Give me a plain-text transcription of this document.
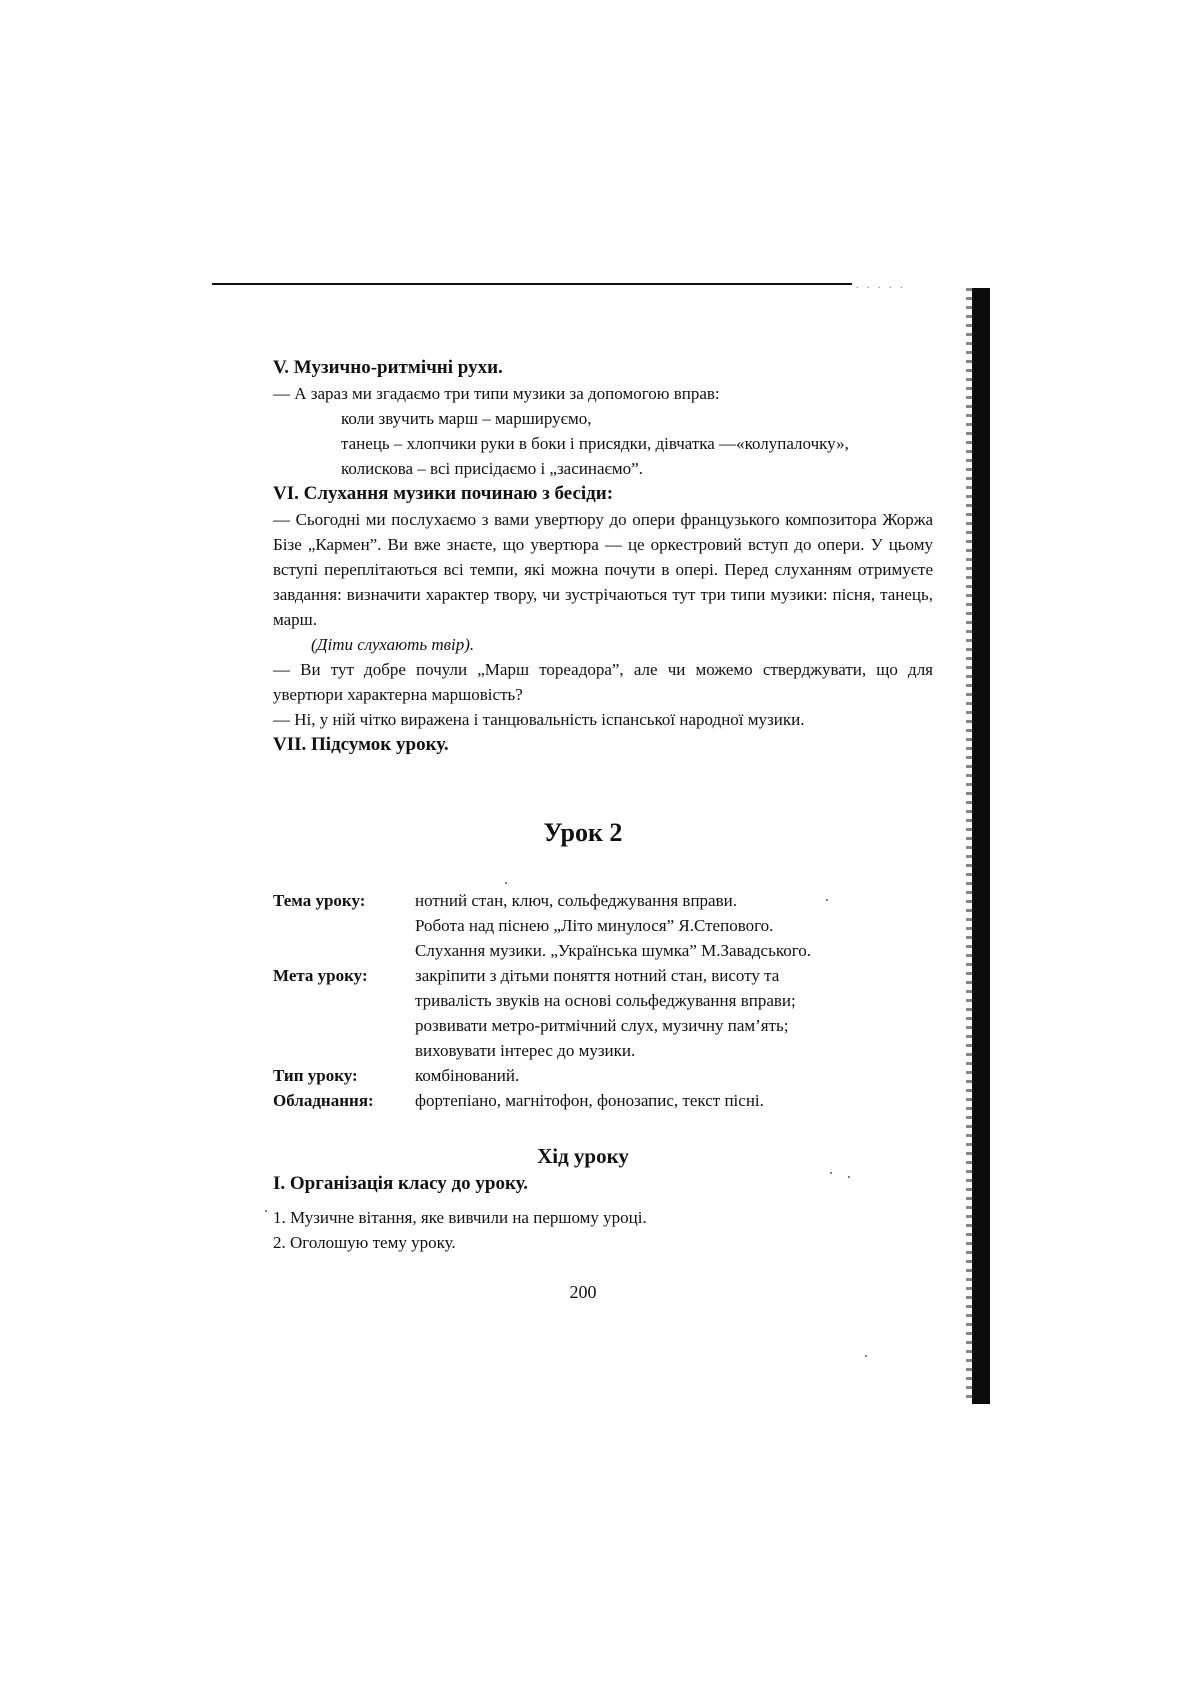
. . . . .
V. Музично-ритмічні рухи.

— А зараз ми згадаємо три типи музики за допомогою вправ:

коли звучить марш – маршируємо,

танець – хлопчики руки в боки і присядки, дівчатка —«колупалочку»,

колискова – всі присідаємо і „засинаємо”.

VI. Слухання музики починаю з бесіди:

— Сьогодні ми послухаємо з вами увертюру до опери французького композитора Жоржа Бізе „Кармен”. Ви вже знаєте, що увертюра — це оркестровий вступ до опери. У цьому вступі переплітаються всі темпи, які можна почути в опері. Перед слуханням отримуєте завдання: визначити характер твору, чи зустрічаються тут три типи музики: пісня, танець, марш.

(Діти слухають твір).

— Ви тут добре почули „Марш тореадора”, але чи можемо стверджувати, що для увертюри характерна маршовість?

— Ні, у ній чітко виражена і танцювальність іспанської народної музики.

VII. Підсумок уроку.
Урок 2
Тема уроку:	нотний стан, ключ, сольфеджування вправи.
Робота над піснею „Літо минулося” Я.Степового.
Слухання музики. „Українська шумка” М.Завадського.

Мета уроку:	закріпити з дітьми поняття нотний стан, висоту та
тривалість звуків на основі сольфеджування вправи;
розвивати метро-ритмічний слух, музичну пам’ять;
виховувати інтерес до музики.

Тип уроку:	комбінований.

Обладнання:	фортепіано, магнітофон, фонозапис, текст пісні.
Хід уроку
І. Організація класу до уроку.

1. Музичне вітання, яке вивчили на першому уроці.

2. Оголошую тему уроку.

200
